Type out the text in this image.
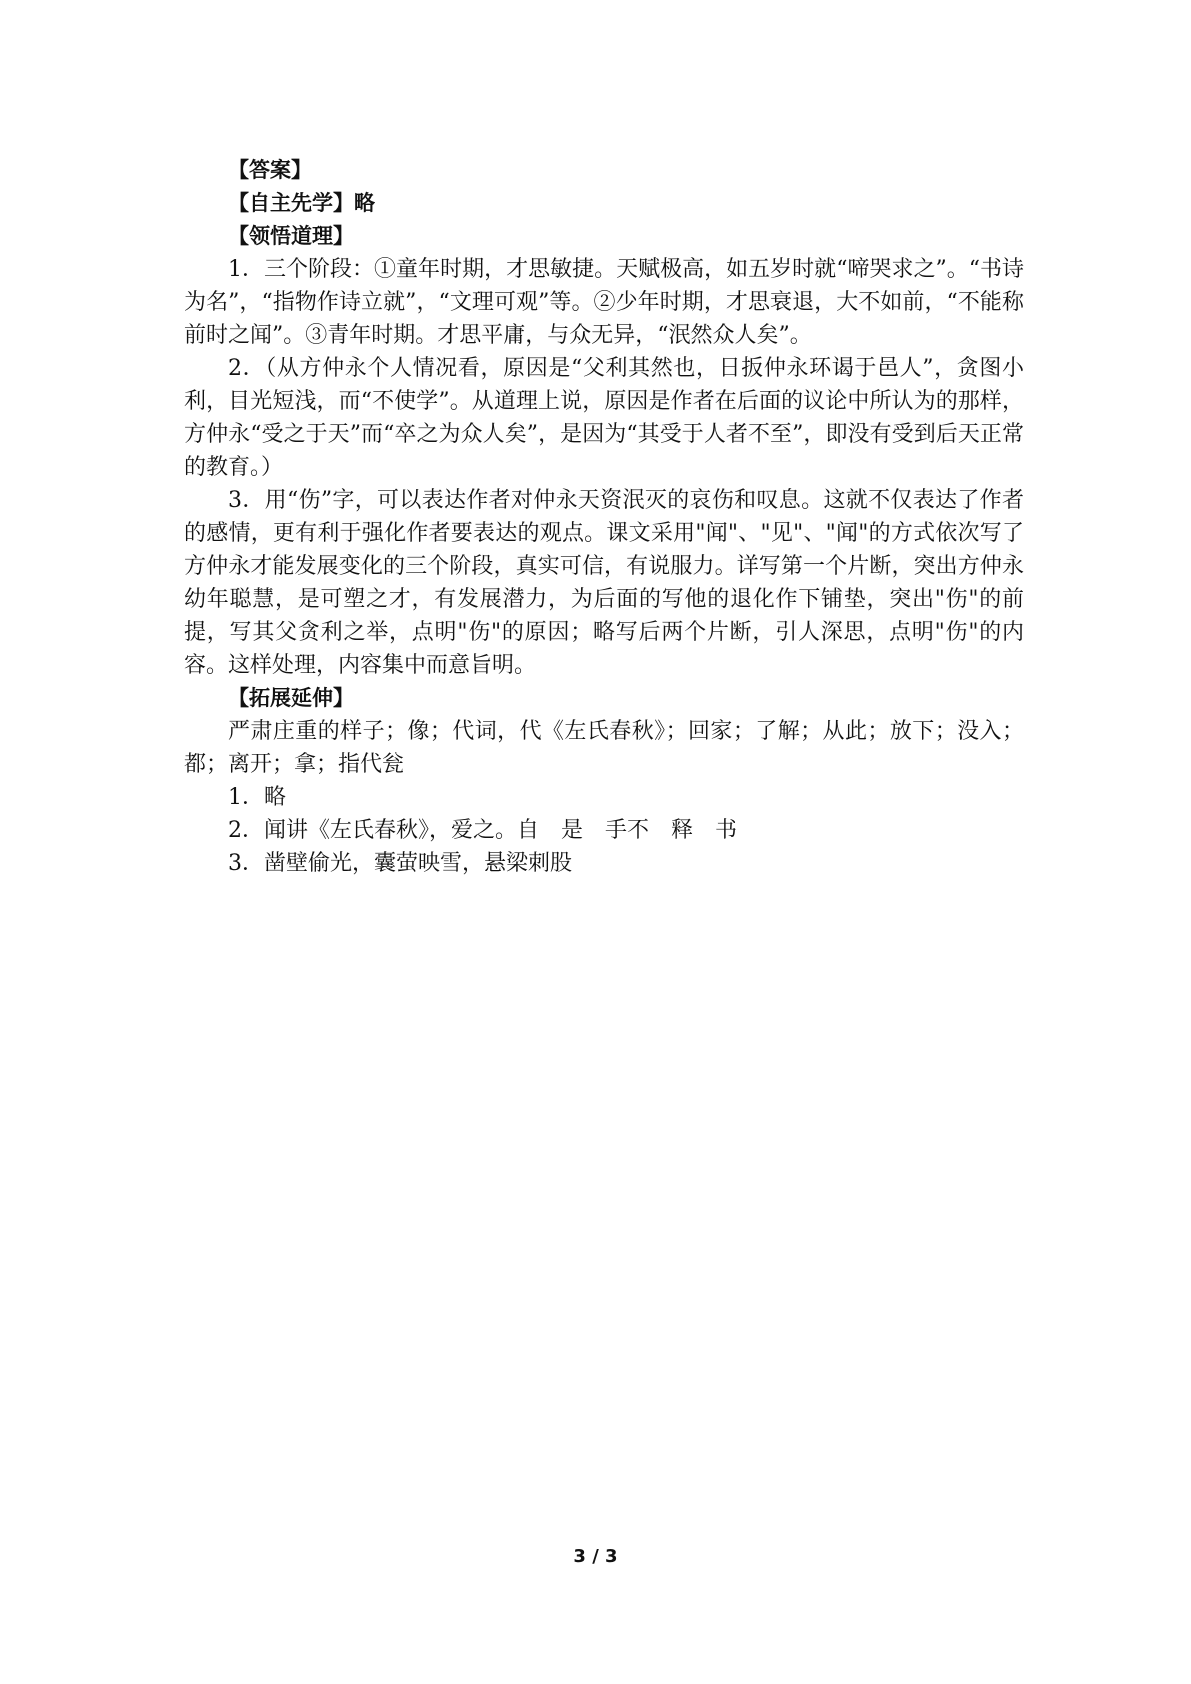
【答案】
【自主先学】略
【领悟道理】

1．三个阶段：①童年时期，才思敏捷。天赋极高，如五岁时就“啼哭求之”。“书诗为名”，“指物作诗立就”，“文理可观”等。②少年时期，才思衰退，大不如前，“不能称前时之闻”。③青年时期。才思平庸，与众无异，“泯然众人矣”。

2．（从方仲永个人情况看，原因是“父利其然也，日扳仲永环谒于邑人”，贪图小利，目光短浅，而“不使学”。从道理上说，原因是作者在后面的议论中所认为的那样，方仲永“受之于天”而“卒之为众人矣”，是因为“其受于人者不至”，即没有受到后天正常的教育。）

3．用“伤”字，可以表达作者对仲永天资泯灭的哀伤和叹息。这就不仅表达了作者的感情，更有利于强化作者要表达的观点。课文采用"闻"、"见"、"闻"的方式依次写了方仲永才能发展变化的三个阶段，真实可信，有说服力。详写第一个片断，突出方仲永幼年聪慧，是可塑之才，有发展潜力，为后面的写他的退化作下铺垫，突出"伤"的前提，写其父贪利之举，点明"伤"的原因；略写后两个片断，引人深思，点明"伤"的内容。这样处理，内容集中而意旨明。

【拓展延伸】

严肃庄重的样子；像；代词，代《左氏春秋》；回家；了解；从此；放下；没入；都；离开；拿；指代瓮

1．略

2．闻讲《左氏春秋》，爱之。自　是　手不　释　书

3．凿壁偷光，囊萤映雪，悬梁刺股

3 / 3
